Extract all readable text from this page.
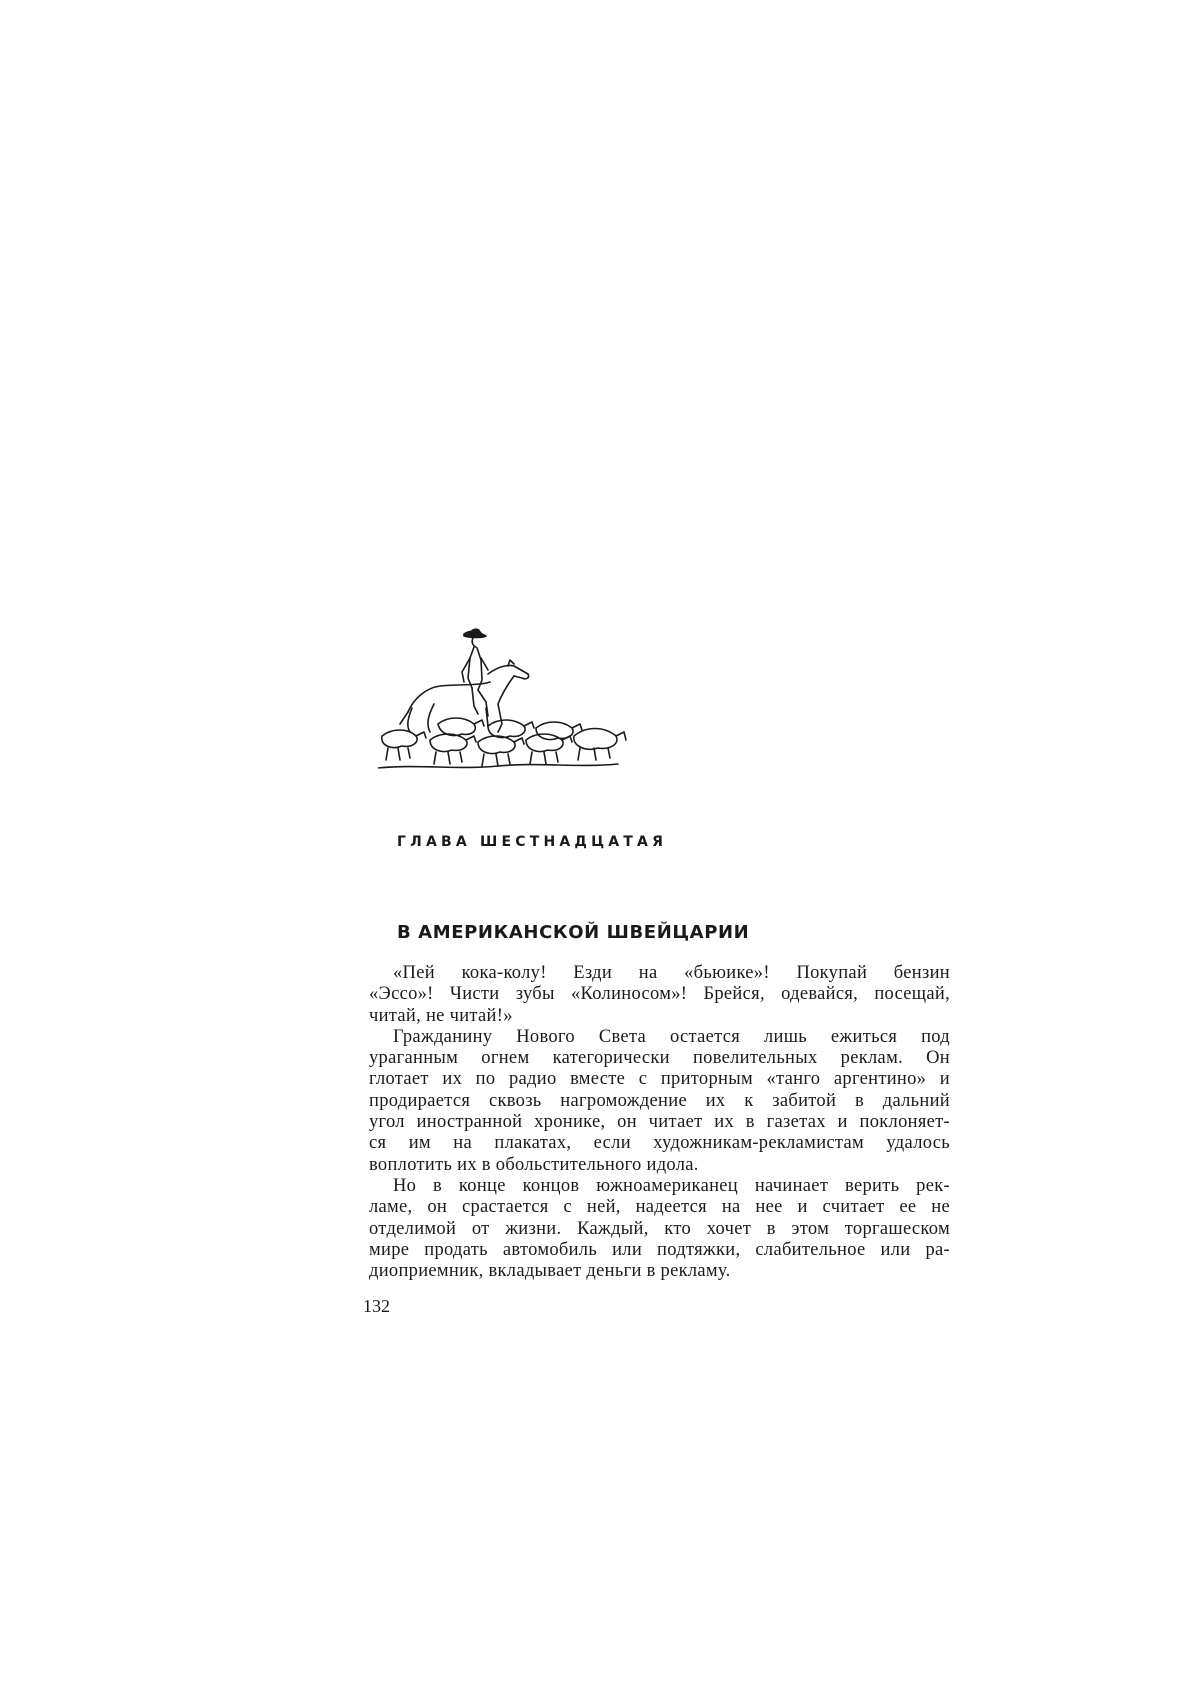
ГЛАВА ШЕСТНАДЦАТАЯ
В АМЕРИКАНСКОЙ ШВЕЙЦАРИИ
«Пей кока-колу! Езди на «бьюике»! Покупай бензин
«Эссо»! Чисти зубы «Колиносом»! Брейся, одевайся, посещай,
читай, не читай!»
Гражданину Нового Света остается лишь ежиться под
ураганным огнем категорически повелительных реклам. Он
глотает их по радио вместе с приторным «танго аргентино» и
продирается сквозь нагромождение их к забитой в дальний
угол иностранной хронике, он читает их в газетах и поклоняет-
ся им на плакатах, если художникам-рекламистам удалось
воплотить их в обольстительного идола.
Но в конце концов южноамериканец начинает верить рек-
ламе, он срастается с ней, надеется на нее и считает ее не
отделимой от жизни. Каждый, кто хочет в этом торгашеском
мире продать автомобиль или подтяжки, слабительное или ра-
диоприемник, вкладывает деньги в рекламу.
132
